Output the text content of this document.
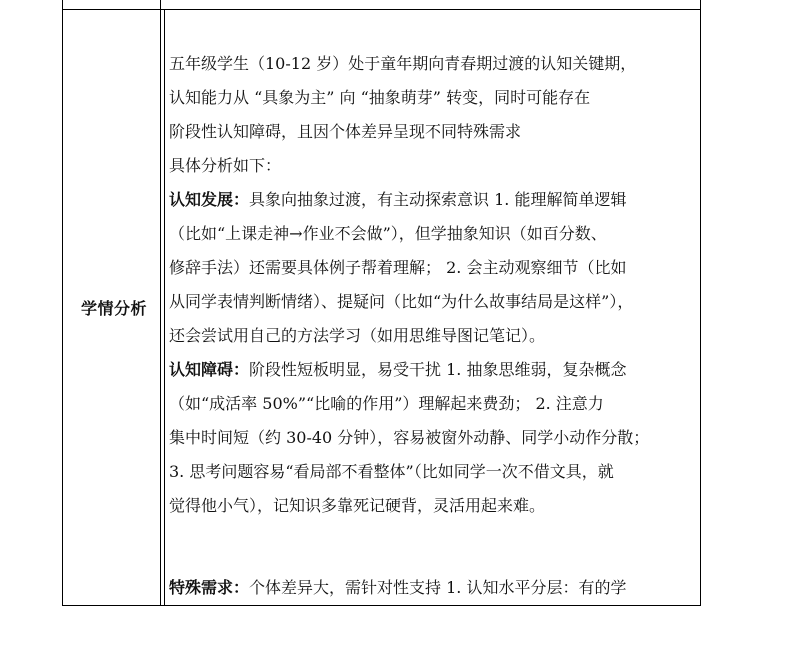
学情分析
五年级学生（10-12 岁）处于童年期向青春期过渡的认知关键期，
认知能力从 “具象为主” 向 “抽象萌芽” 转变，同时可能存在
阶段性认知障碍，且因个体差异呈现不同特殊需求
具体分析如下：
认知发展：具象向抽象过渡，有主动探索意识 1. 能理解简单逻辑
（比如“上课走神→作业不会做”），但学抽象知识（如百分数、
修辞手法）还需要具体例子帮着理解； 2. 会主动观察细节（比如
从同学表情判断情绪）、提疑问（比如“为什么故事结局是这样”），
还会尝试用自己的方法学习（如用思维导图记笔记）。
认知障碍：阶段性短板明显，易受干扰 1. 抽象思维弱，复杂概念
（如“成活率 50%”“比喻的作用”）理解起来费劲； 2. 注意力
集中时间短（约 30-40 分钟），容易被窗外动静、同学小动作分散；
3. 思考问题容易“看局部不看整体”（比如同学一次不借文具，就
觉得他小气），记知识多靠死记硬背，灵活用起来难。
特殊需求：个体差异大，需针对性支持 1. 认知水平分层：有的学
